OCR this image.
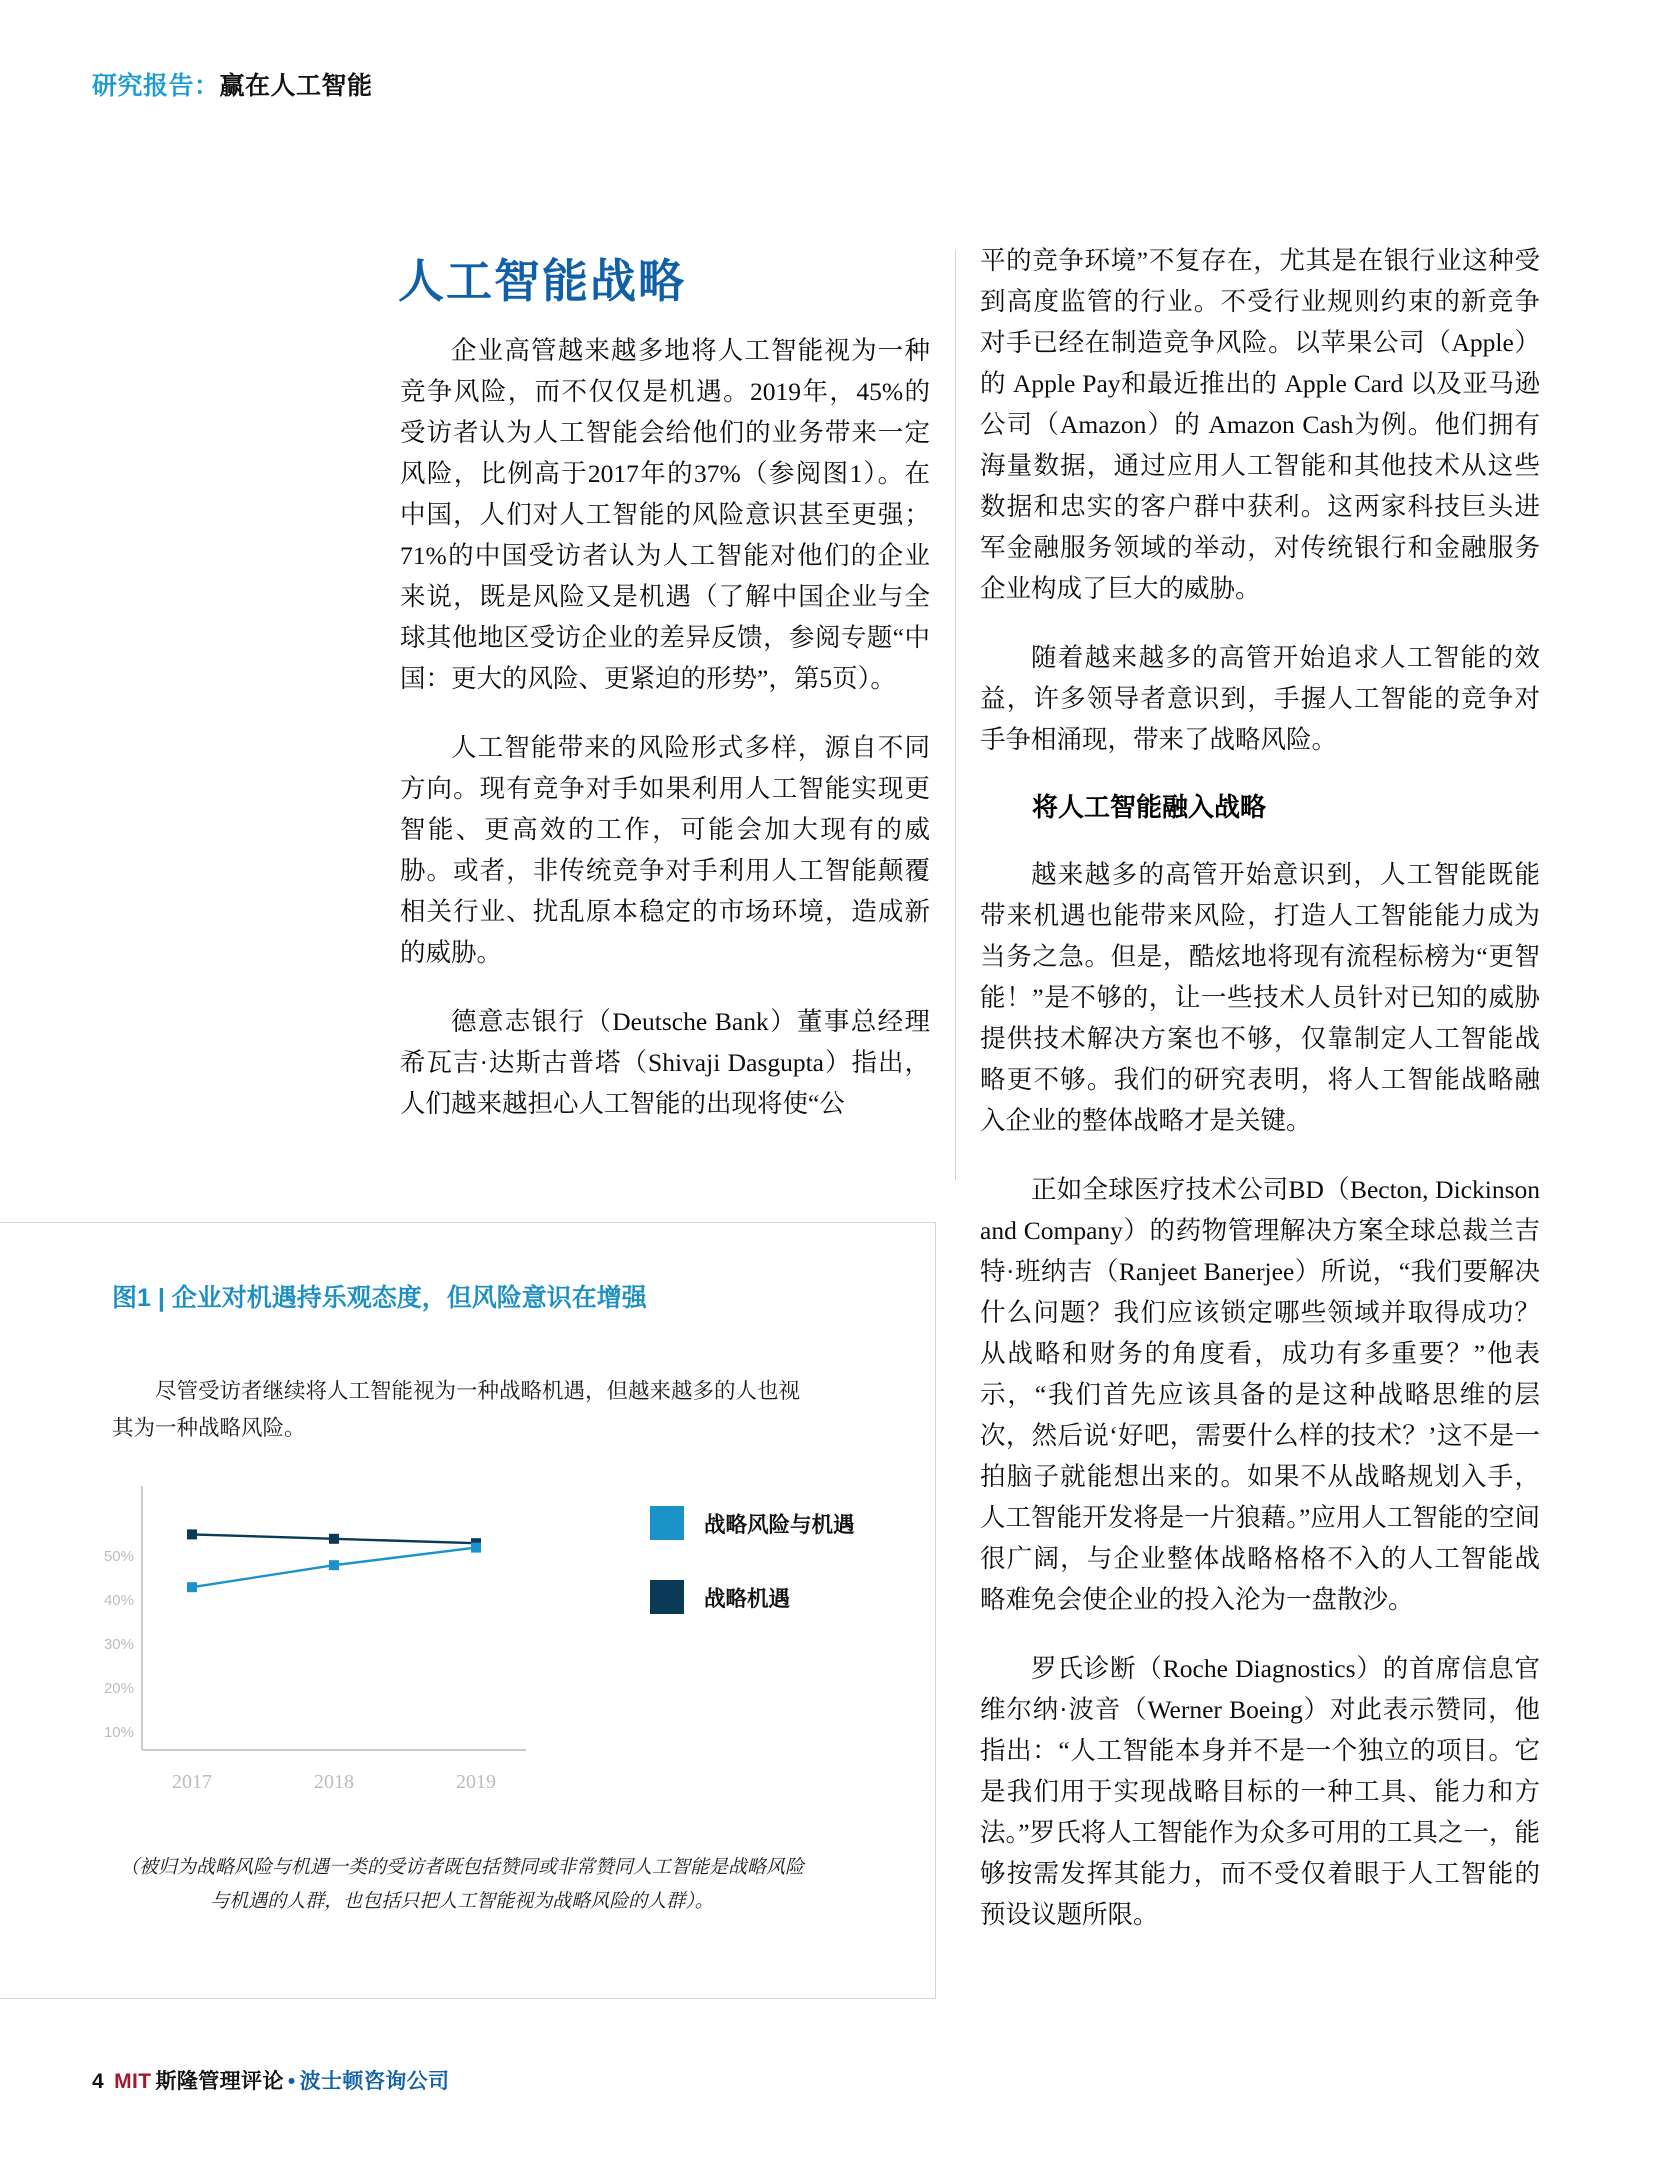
研究报告：赢在人工智能
人工智能战略

企业高管越来越多地将人工智能视为一种竞争风险，而不仅仅是机遇。2019年，45%的受访者认为人工智能会给他们的业务带来一定风险，比例高于2017年的37%（参阅图1）。在中国，人们对人工智能的风险意识甚至更强；71%的中国受访者认为人工智能对他们的企业来说，既是风险又是机遇（了解中国企业与全球其他地区受访企业的差异反馈，参阅专题“中国：更大的风险、更紧迫的形势”，第5页）。

人工智能带来的风险形式多样，源自不同方向。现有竞争对手如果利用人工智能实现更智能、更高效的工作，可能会加大现有的威胁。或者，非传统竞争对手利用人工智能颠覆相关行业、扰乱原本稳定的市场环境，造成新的威胁。

德意志银行（Deutsche Bank）董事总经理希瓦吉·达斯古普塔（Shivaji Dasgupta）指出，人们越来越担心人工智能的出现将使“公

平的竞争环境”不复存在，尤其是在银行业这种受到高度监管的行业。不受行业规则约束的新竞争对手已经在制造竞争风险。以苹果公司（Apple）的 Apple Pay和最近推出的 Apple Card 以及亚马逊公司（Amazon）的 Amazon Cash为例。他们拥有海量数据，通过应用人工智能和其他技术从这些数据和忠实的客户群中获利。这两家科技巨头进军金融服务领域的举动，对传统银行和金融服务企业构成了巨大的威胁。

随着越来越多的高管开始追求人工智能的效益，许多领导者意识到，手握人工智能的竞争对手争相涌现，带来了战略风险。

将人工智能融入战略

越来越多的高管开始意识到，人工智能既能带来机遇也能带来风险，打造人工智能能力成为当务之急。但是，酷炫地将现有流程标榜为“更智能！”是不够的，让一些技术人员针对已知的威胁提供技术解决方案也不够，仅靠制定人工智能战略更不够。我们的研究表明，将人工智能战略融入企业的整体战略才是关键。

正如全球医疗技术公司BD（Becton, Dickinson and Company）的药物管理解决方案全球总裁兰吉特·班纳吉（Ranjeet Banerjee）所说，“我们要解决什么问题？我们应该锁定哪些领域并取得成功？从战略和财务的角度看，成功有多重要？”他表示，“我们首先应该具备的是这种战略思维的层次，然后说‘好吧，需要什么样的技术？’这不是一拍脑子就能想出来的。如果不从战略规划入手，人工智能开发将是一片狼藉。”应用人工智能的空间很广阔，与企业整体战略格格不入的人工智能战略难免会使企业的投入沦为一盘散沙。

罗氏诊断（Roche Diagnostics）的首席信息官维尔纳·波音（Werner Boeing）对此表示赞同，他指出：“人工智能本身并不是一个独立的项目。它是我们用于实现战略目标的一种工具、能力和方法。”罗氏将人工智能作为众多可用的工具之一，能够按需发挥其能力，而不受仅着眼于人工智能的预设议题所限。

图1 | 企业对机遇持乐观态度，但风险意识在增强
尽管受访者继续将人工智能视为一种战略机遇，但越来越多的人也视其为一种战略风险。
50%
40%
30%
20%
10%
2017	2018	2019
战略风险与机遇
战略机遇
（被归为战略风险与机遇一类的受访者既包括赞同或非常赞同人工智能是战略风险与机遇的人群，也包括只把人工智能视为战略风险的人群）。
4 MIT 斯隆管理评论 • 波士顿咨询公司
